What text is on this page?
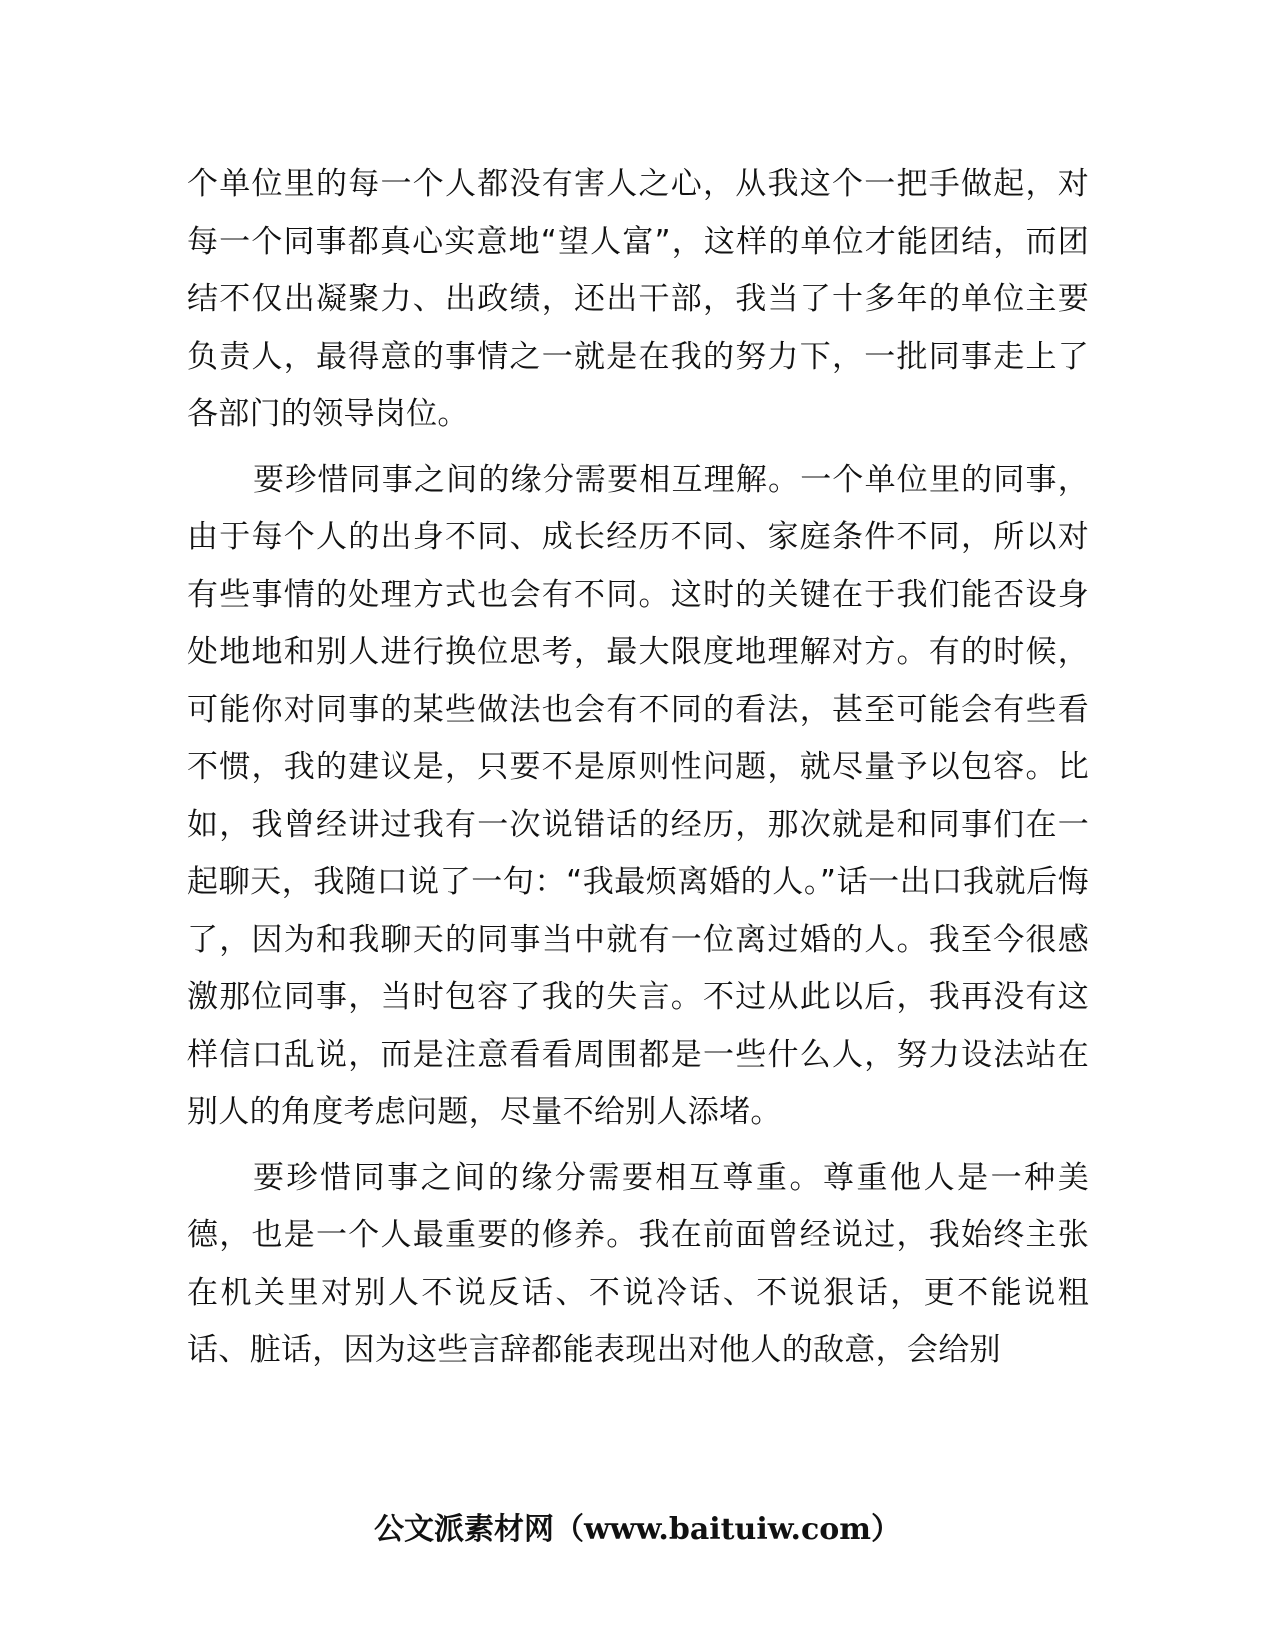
个单位里的每一个人都没有害人之心，从我这个一把手做起，对每一个同事都真心实意地“望人富”，这样的单位才能团结，而团结不仅出凝聚力、出政绩，还出干部，我当了十多年的单位主要负责人，最得意的事情之一就是在我的努力下，一批同事走上了各部门的领导岗位。

要珍惜同事之间的缘分需要相互理解。一个单位里的同事，由于每个人的出身不同、成长经历不同、家庭条件不同，所以对有些事情的处理方式也会有不同。这时的关键在于我们能否设身处地地和别人进行换位思考，最大限度地理解对方。有的时候，可能你对同事的某些做法也会有不同的看法，甚至可能会有些看不惯，我的建议是，只要不是原则性问题，就尽量予以包容。比如，我曾经讲过我有一次说错话的经历，那次就是和同事们在一起聊天，我随口说了一句：“我最烦离婚的人。”话一出口我就后悔了，因为和我聊天的同事当中就有一位离过婚的人。我至今很感激那位同事，当时包容了我的失言。不过从此以后，我再没有这样信口乱说，而是注意看看周围都是一些什么人，努力设法站在别人的角度考虑问题，尽量不给别人添堵。

要珍惜同事之间的缘分需要相互尊重。尊重他人是一种美德，也是一个人最重要的修养。我在前面曾经说过，我始终主张在机关里对别人不说反话、不说冷话、不说狠话，更不能说粗话、脏话，因为这些言辞都能表现出对他人的敌意，会给别

公文派素材网（www.baituiw.com）
